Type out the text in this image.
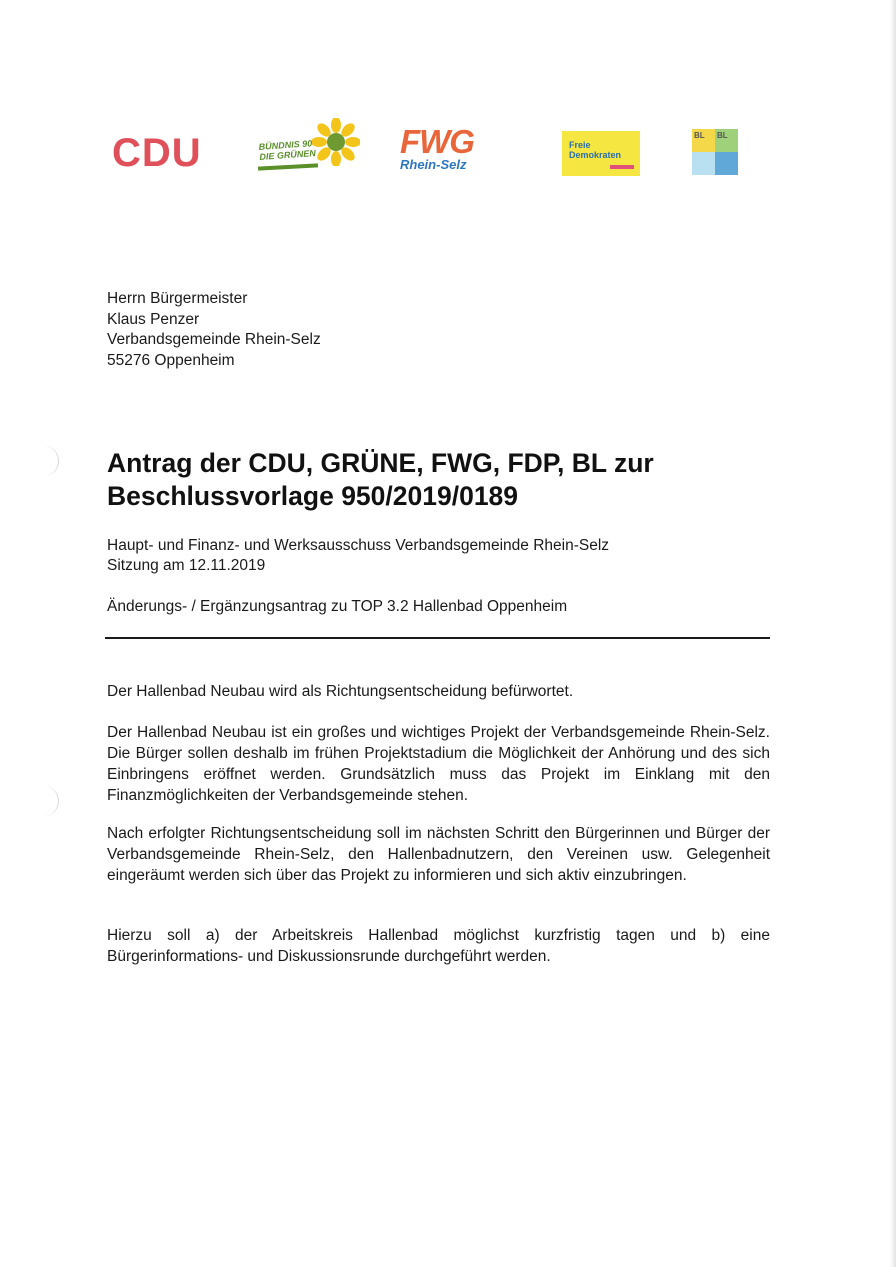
CDU	BÜNDNIS 90
DIE GRÜNEN	FWG
Rhein-Selz
Freie
Demokraten
BL	BL
Herrn Bürgermeister
Klaus Penzer
Verbandsgemeinde Rhein-Selz
55276 Oppenheim
Antrag der CDU, GRÜNE, FWG, FDP, BL zur
Beschlussvorlage 950/2019/0189
Haupt- und Finanz- und Werksausschuss Verbandsgemeinde Rhein-Selz
Sitzung am 12.11.2019
Änderungs- / Ergänzungsantrag zu TOP 3.2 Hallenbad Oppenheim

Der Hallenbad Neubau wird als Richtungsentscheidung befürwortet.

Der Hallenbad Neubau ist ein großes und wichtiges Projekt der Verbandsgemeinde Rhein-Selz. Die Bürger sollen deshalb im frühen Projektstadium die Möglichkeit der Anhörung und des sich Einbringens eröffnet werden. Grundsätzlich muss das Projekt im Einklang mit den Finanzmöglichkeiten der Verbandsgemeinde stehen.

Nach erfolgter Richtungsentscheidung soll im nächsten Schritt den Bürgerinnen und Bürger der Verbandsgemeinde Rhein-Selz, den Hallenbadnutzern, den Vereinen usw. Gelegenheit eingeräumt werden sich über das Projekt zu informieren und sich aktiv einzubringen.

Hierzu soll a) der Arbeitskreis Hallenbad möglichst kurzfristig tagen und b) eine Bürgerinformations- und Diskussionsrunde durchgeführt werden.
